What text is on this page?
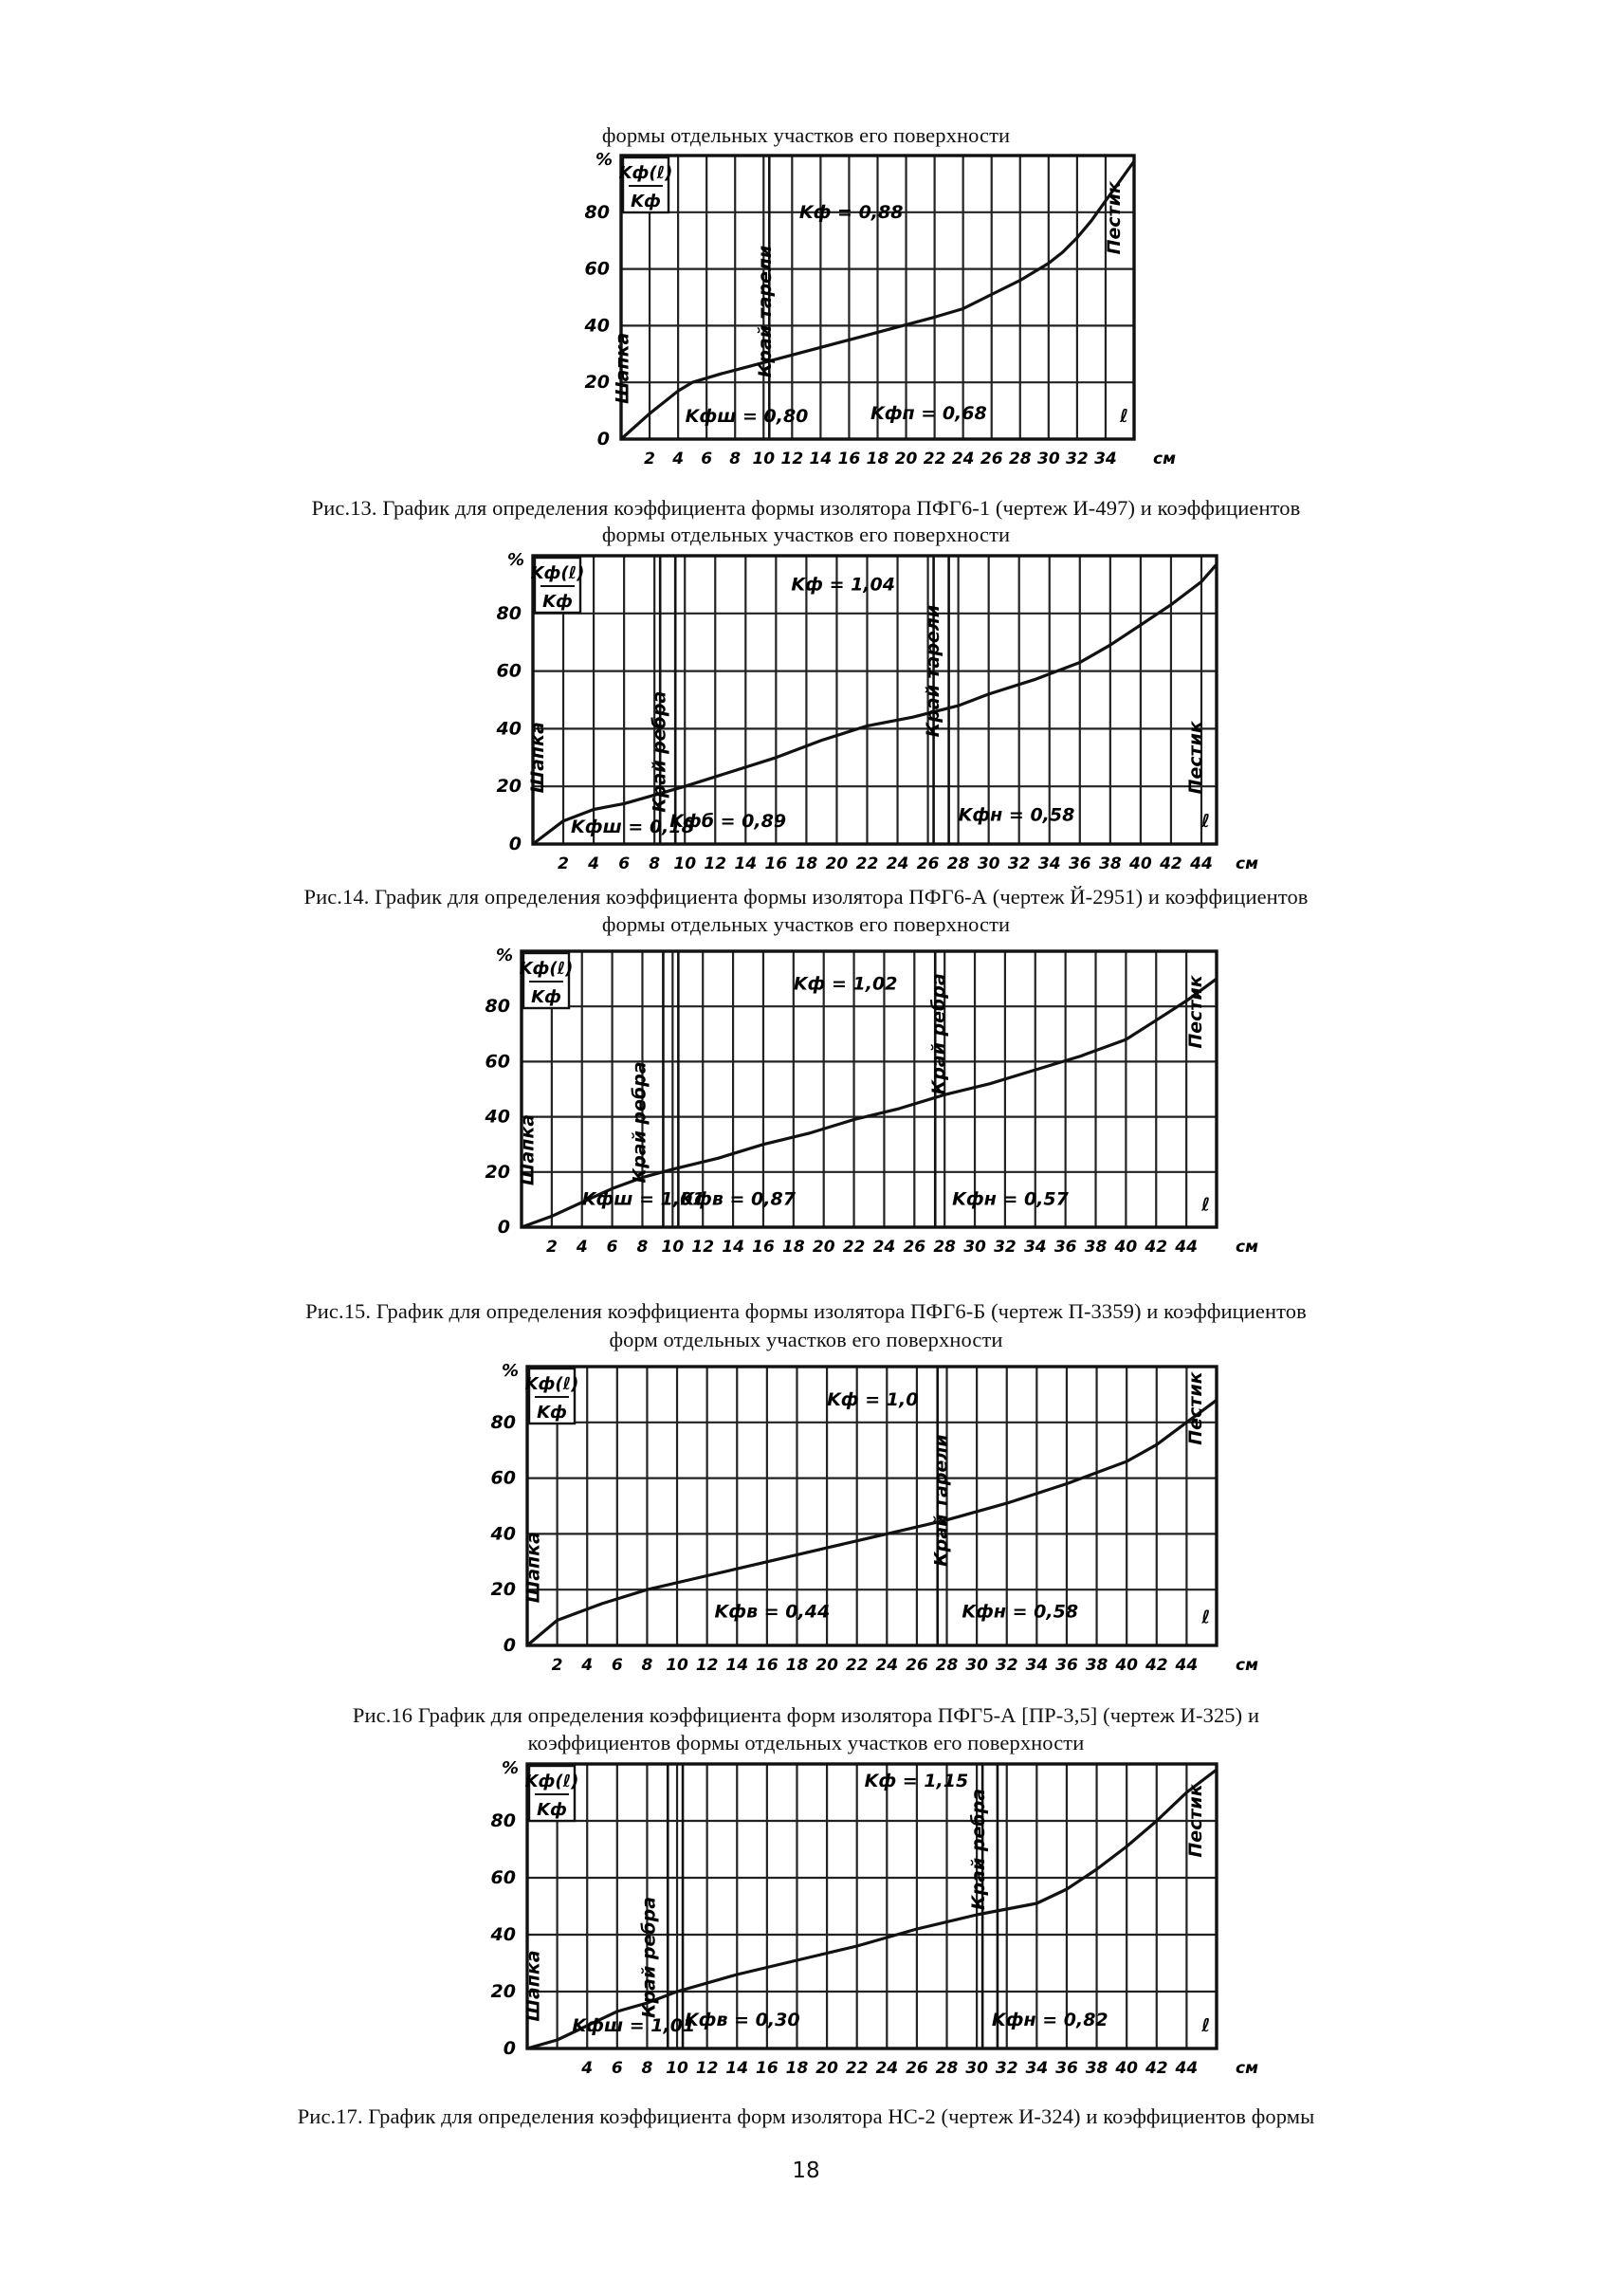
формы отдельных участков его поверхности
Kф(ℓ)
Kф
%
0
20
40
60
80
2 4 6 8 10 12 14 16 18 20 22 24 26 28 30 32 34 см
Kф = 0,88
Kфш = 0,80	Kфп = 0,68	ℓ
Шапка	Край тарели
Пестик
Рис.13. График для определения коэффициента формы изолятора ПФГ6-1 (чертеж И-497) и коэффициентов
формы отдельных участков его поверхности
Kф(ℓ)
Kф
%
0
20
40
60
80
2 4 6 8 10 12 14 16 18 20 22 24 26 28 30 32 34 36 38 40 42 44 см
Kф = 1,04
Kфш = 0,18
Kфб = 0,89	Kфн = 0,58	ℓ
Шапка	Край ребра
Край тарели
Пестик
Рис.14. График для определения коэффициента формы изолятора ПФГ6-А (чертеж Й-2951) и коэффициентов
формы отдельных участков его поверхности
Kф(ℓ)
Kф
%
0
20
40
60
80
2 4 6 8 10 12 14 16 18 20 22 24 26 28 30 32 34 36 38 40 42 44 см
Kф = 1,02
Kфш = 1,01
Kфв = 0,87	Kфн = 0,57	ℓ
Шапка	Край ребра
Край ребра	Пестик
Рис.15. График для определения коэффициента формы изолятора ПФГ6-Б (чертеж П-3359) и коэффициентов
форм отдельных участков его поверхности
Kф(ℓ)
Kф
%
0
20
40
60
80
2 4 6 8 10 12 14 16 18 20 22 24 26 28 30 32 34 36 38 40 42 44 см
Kф = 1,0
Kфв = 0,44	Kфн = 0,58	ℓ
Шапка
Край тарели
Пестик
Рис.16 График для определения коэффициента форм изолятора ПФГ5-А [ПР-3,5] (чертеж И-325) и
коэффициентов формы отдельных участков его поверхности
Kф(ℓ)
Kф
%
0
20
40
60
80
4 6 8 10 12 14 16 18 20 22 24 26 28 30 32 34 36 38 40 42 44 см
Kф = 1,15
Kфш = 1,01
Kфв = 0,30	Kфн = 0,82	ℓ
Шапка	Край ребра
Край ребра	Пестик
Рис.17. График для определения коэффициента форм изолятора НС-2 (чертеж И-324) и коэффициентов формы
18
